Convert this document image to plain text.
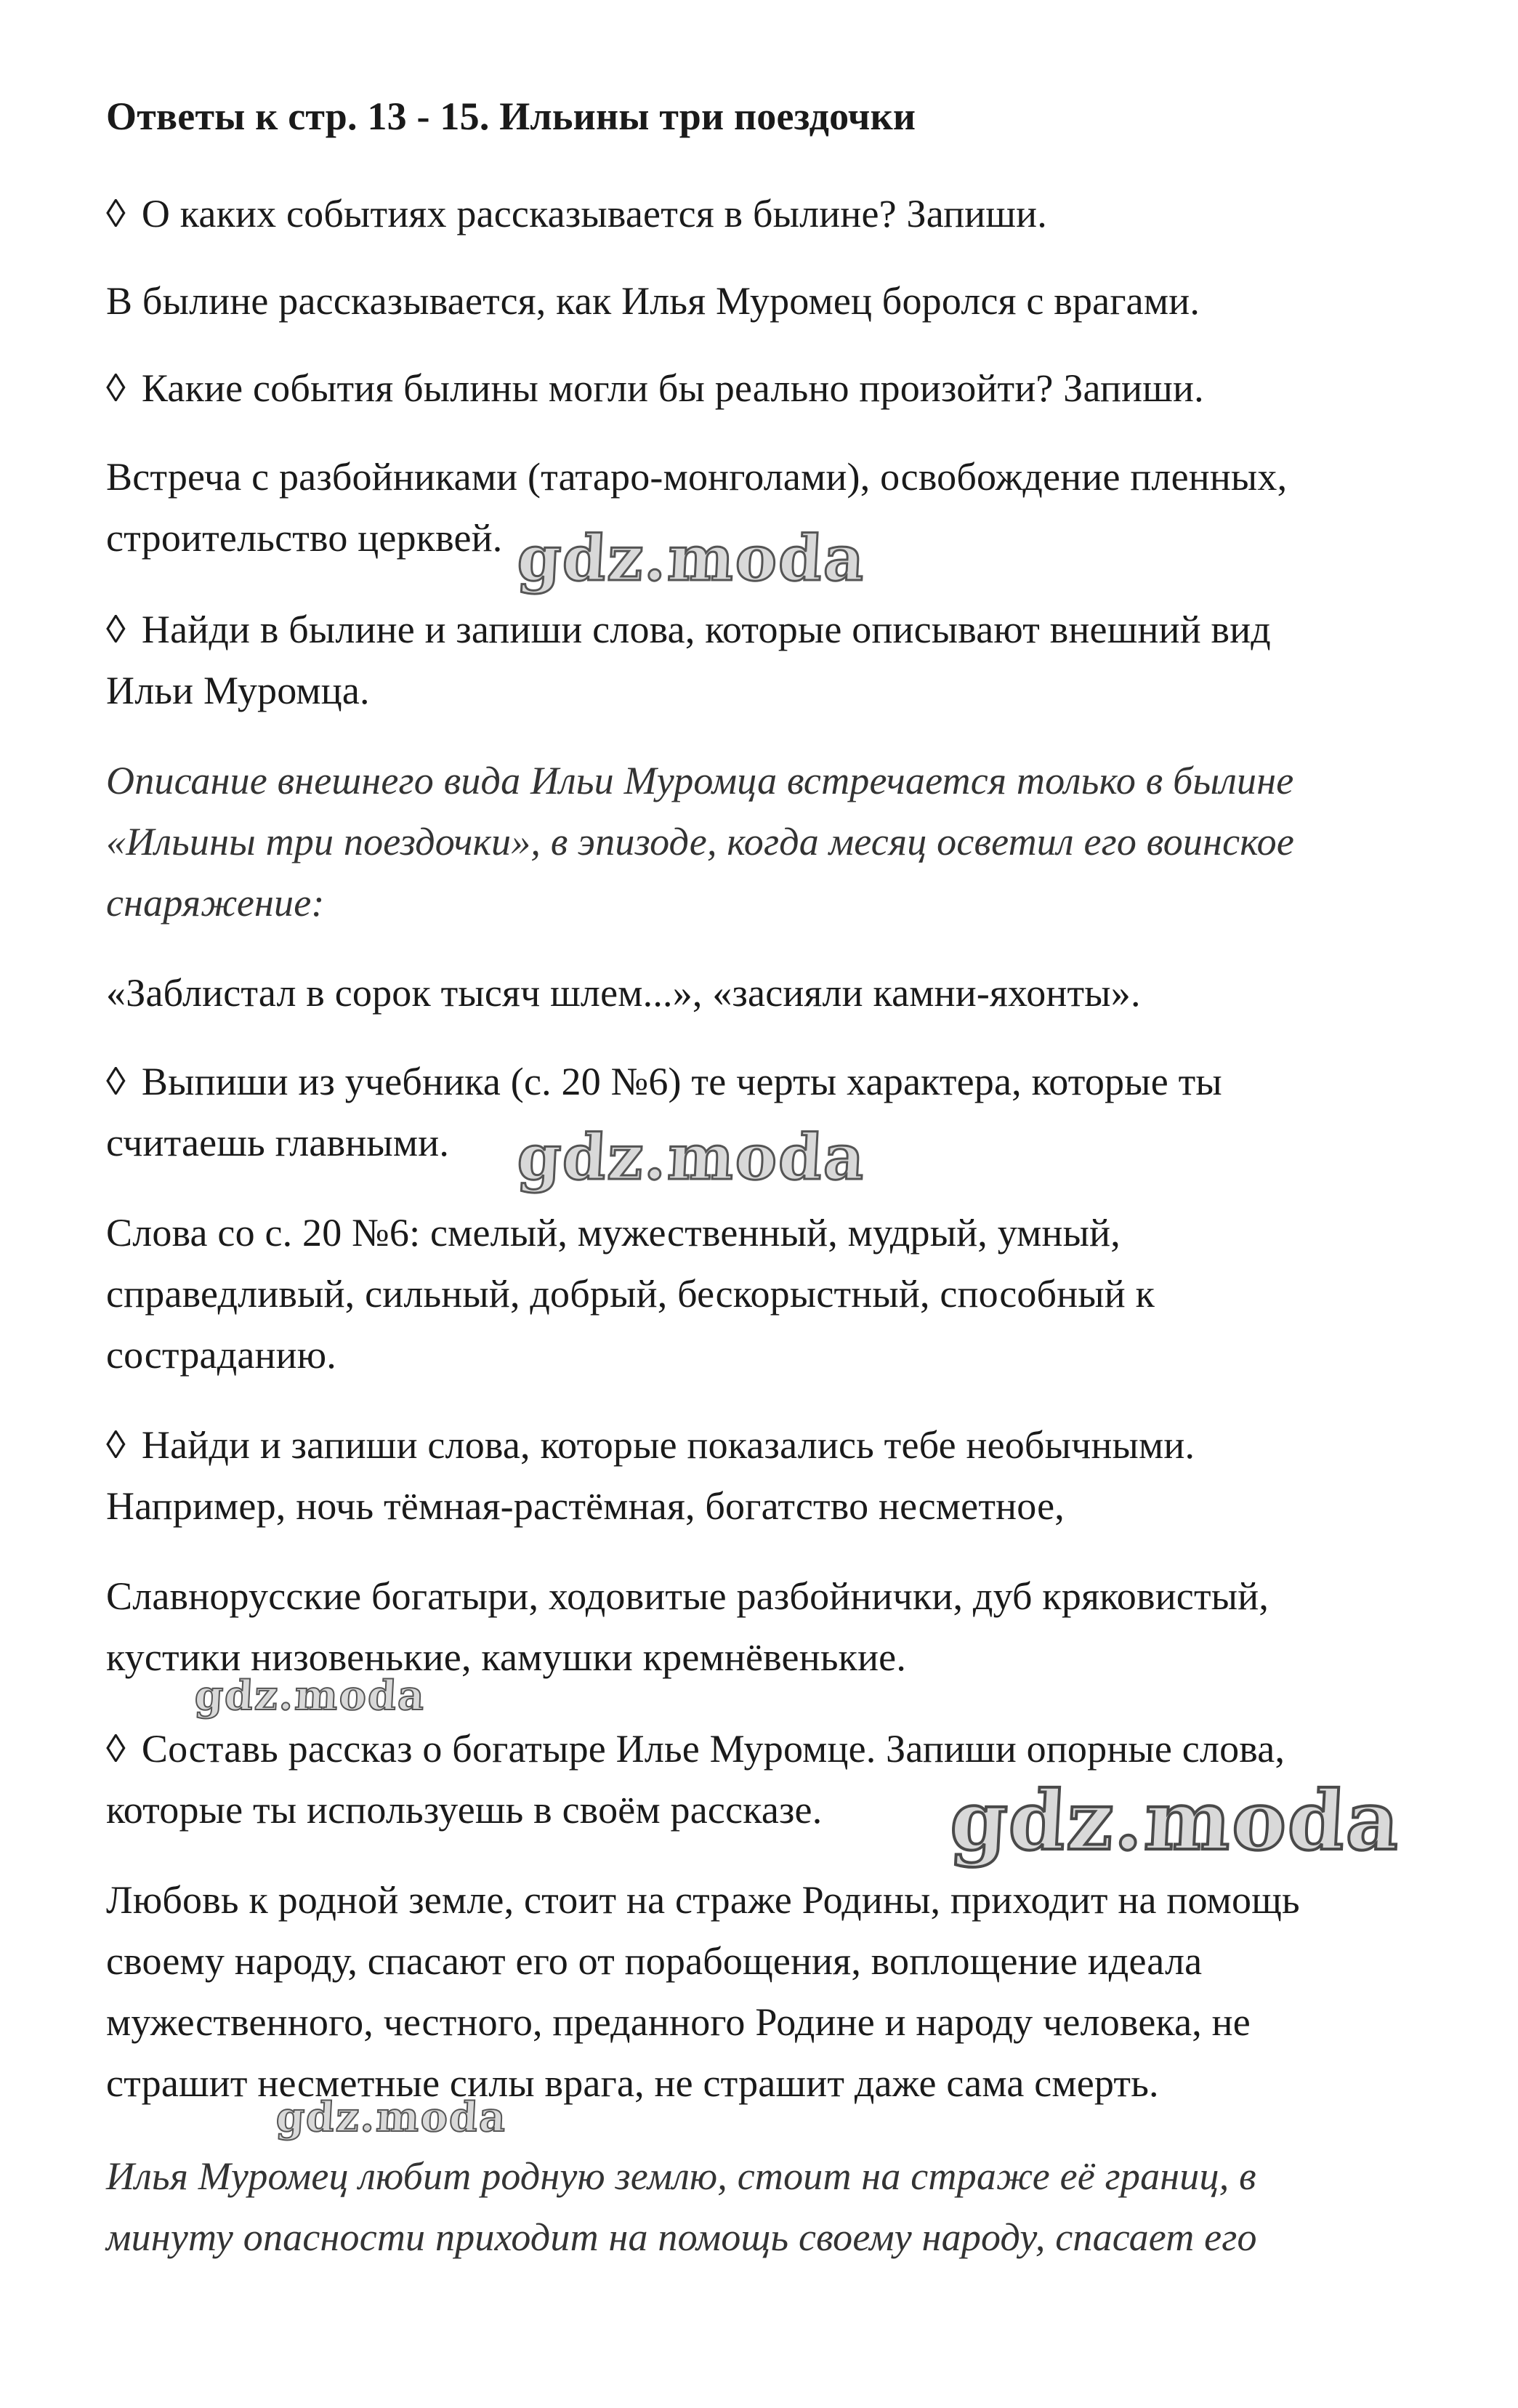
Ответы к стр. 13 - 15. Ильины три поездочки
◊ О каких событиях рассказывается в былине? Запиши.
В былине рассказывается, как Илья Муромец боролся с врагами.
◊ Какие события былины могли бы реально произойти? Запиши.
Встреча с разбойниками (татаро-монголами), освобождение пленных,
строительство церквей.
◊ Найди в былине и запиши слова, которые описывают внешний вид
Ильи Муромца.
Описание внешнего вида Ильи Муромца встречается только в былине
«Ильины три поездочки», в эпизоде, когда месяц осветил его воинское
снаряжение:
«Заблистал в сорок тысяч шлем...», «засияли камни-яхонты».
◊ Выпиши из учебника (с. 20 №6) те черты характера, которые ты
считаешь главными.
Слова со с. 20 №6: смелый, мужественный, мудрый, умный,
справедливый, сильный, добрый, бескорыстный, способный к
состраданию.
◊ Найди и запиши слова, которые показались тебе необычными.
Например, ночь тёмная-растёмная, богатство несметное,
Славнорусские богатыри, ходовитые разбойнички, дуб кряковистый,
кустики низовенькие, камушки кремнёвенькие.
◊ Составь рассказ о богатыре Илье Муромце. Запиши опорные слова,
которые ты используешь в своём рассказе.
Любовь к родной земле, стоит на страже Родины, приходит на помощь
своему народу, спасают его от порабощения, воплощение идеала
мужественного, честного, преданного Родине и народу человека, не
страшит несметные силы врага, не страшит даже сама смерть.
Илья Муромец любит родную землю, стоит на страже её границ, в
минуту опасности приходит на помощь своему народу, спасает его
gdz.moda
gdz.moda
gdz.moda
gdz.moda
gdz.moda
